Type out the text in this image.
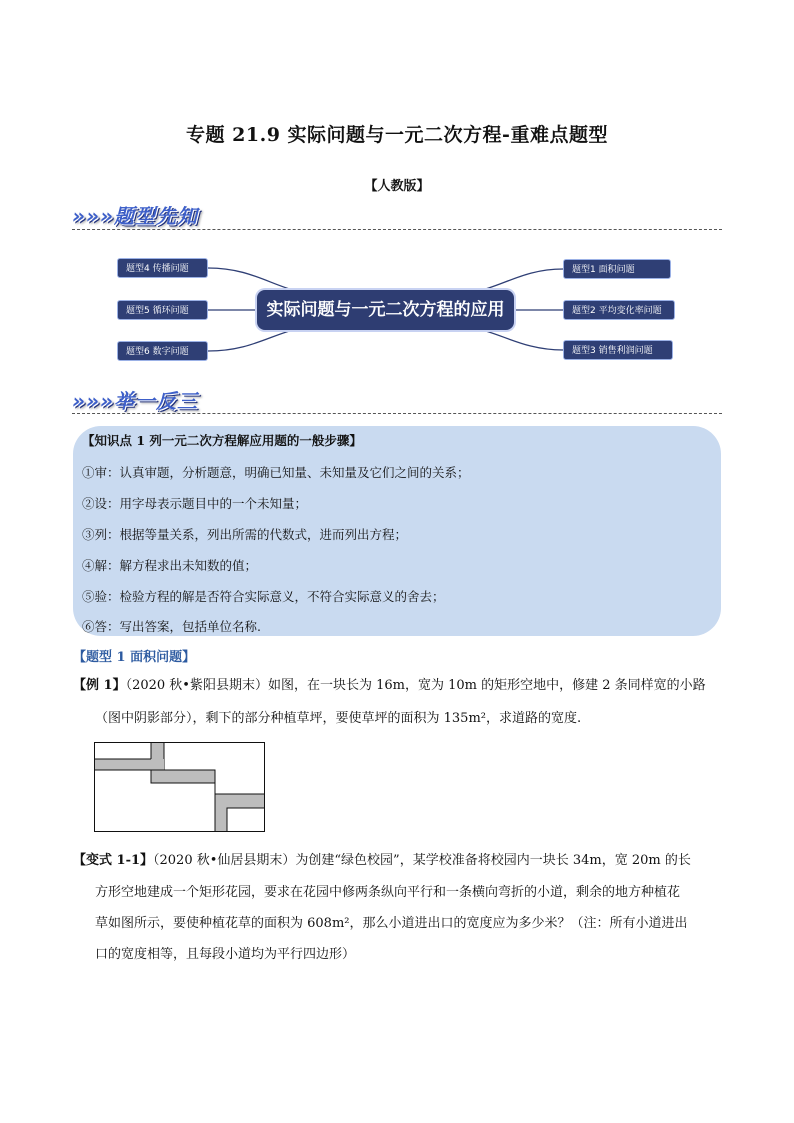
专题 21.9 实际问题与一元二次方程-重难点题型
【人教版】
»»»题型先知
题型4 传播问题
题型5 循环问题
题型6 数字问题
实际问题与一元二次方程的应用
题型1 面积问题
题型2 平均变化率问题
题型3 销售利润问题
»»»举一反三
【知识点 1 列一元二次方程解应用题的一般步骤】
①审：认真审题，分析题意，明确已知量、未知量及它们之间的关系；
②设：用字母表示题目中的一个未知量；
③列：根据等量关系，列出所需的代数式，进而列出方程；
④解：解方程求出未知数的值；
⑤验：检验方程的解是否符合实际意义，不符合实际意义的舍去；
⑥答：写出答案，包括单位名称.
【题型 1 面积问题】
【例 1】（2020 秋•紫阳县期末）如图，在一块长为 16m，宽为 10m 的矩形空地中，修建 2 条同样宽的小路
（图中阴影部分），剩下的部分种植草坪，要使草坪的面积为 135m²，求道路的宽度.
【变式 1-1】（2020 秋•仙居县期末）为创建“绿色校园”，某学校准备将校园内一块长 34m，宽 20m 的长
方形空地建成一个矩形花园，要求在花园中修两条纵向平行和一条横向弯折的小道，剩余的地方种植花
草如图所示，要使种植花草的面积为 608m²，那么小道进出口的宽度应为多少米？（注：所有小道进出
口的宽度相等，且每段小道均为平行四边形）
